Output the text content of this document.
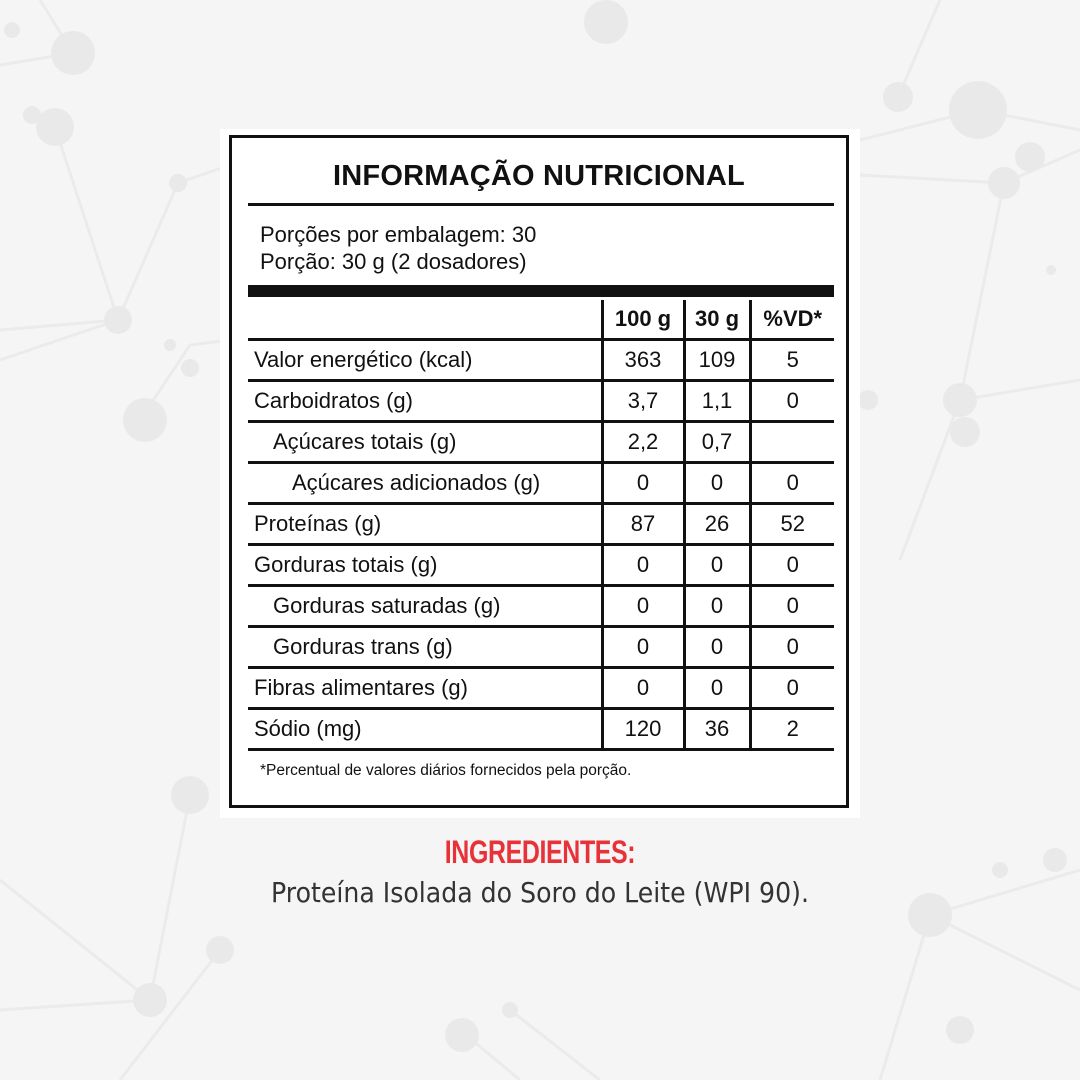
INFORMAÇÃO NUTRICIONAL
Porções por embalagem: 30
Porção: 30 g (2 dosadores)
	100 g	30 g	%VD*
Valor energético (kcal)	363	109	5
Carboidratos (g)	3,7	1,1	0
Açúcares totais (g)	2,2	0,7	
Açúcares adicionados (g)	0	0	0
Proteínas (g)	87	26	52
Gorduras totais (g)	0	0	0
Gorduras saturadas (g)	0	0	0
Gorduras trans (g)	0	0	0
Fibras alimentares (g)	0	0	0
Sódio (mg)	120	36	2
*Percentual de valores diários fornecidos pela porção.
INGREDIENTES:
Proteína Isolada do Soro do Leite (WPI 90).
